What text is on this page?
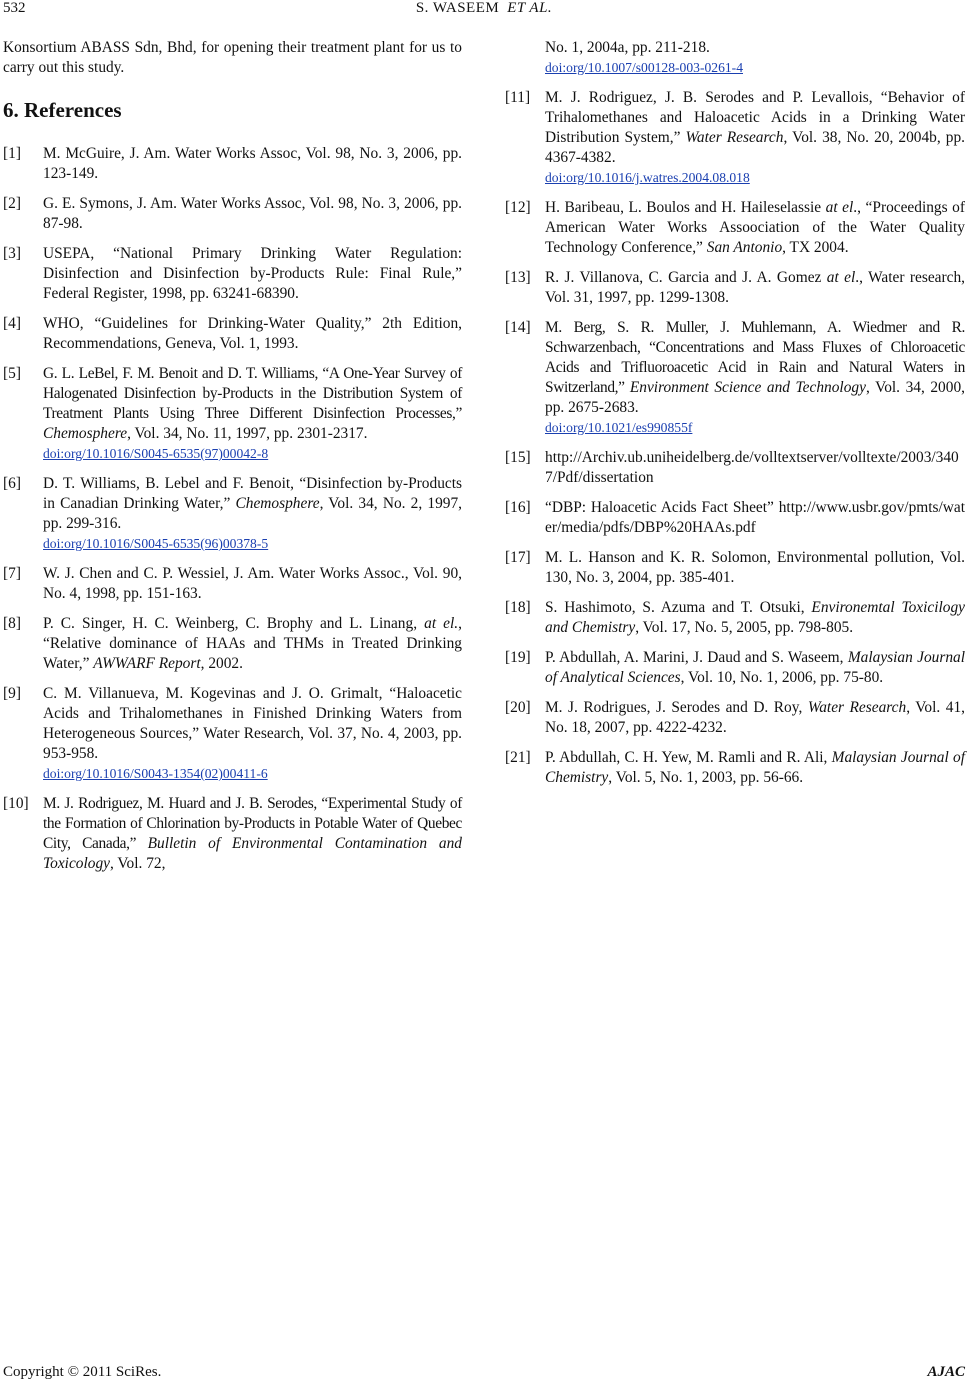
532	S. WASEEM ET AL.

Konsortium ABASS Sdn, Bhd, for opening their treatment plant for us to carry out this study.

6. References
[1]	M. McGuire, J. Am. Water Works Assoc, Vol. 98, No. 3, 2006, pp. 123-149.
[2]	G. E. Symons, J. Am. Water Works Assoc, Vol. 98, No. 3, 2006, pp. 87-98.
[3]	USEPA, “National Primary Drinking Water Regulation: Disinfection and Disinfection by-Products Rule: Final Rule,” Federal Register, 1998, pp. 63241-68390.
[4]	WHO, “Guidelines for Drinking-Water Quality,” 2th Edition, Recommendations, Geneva, Vol. 1, 1993.
[5]	G. L. LeBel, F. M. Benoit and D. T. Williams, “A One-Year Survey of Halogenated Disinfection by-Products in the Distribution System of Treatment Plants Using Three Different Disinfection Processes,” Chemosphere, Vol. 34, No. 11, 1997, pp. 2301-2317.
doi:org/10.1016/S0045-6535(97)00042-8
[6]	D. T. Williams, B. Lebel and F. Benoit, “Disinfection by-Products in Canadian Drinking Water,” Chemosphere, Vol. 34, No. 2, 1997, pp. 299-316.
doi:org/10.1016/S0045-6535(96)00378-5
[7]	W. J. Chen and C. P. Wessiel, J. Am. Water Works Assoc., Vol. 90, No. 4, 1998, pp. 151-163.
[8]	P. C. Singer, H. C. Weinberg, C. Brophy and L. Linang, at el., “Relative dominance of HAAs and THMs in Treated Drinking Water,” AWWARF Report, 2002.
[9]	C. M. Villanueva, M. Kogevinas and J. O. Grimalt, “Haloacetic Acids and Trihalomethanes in Finished Drinking Waters from Heterogeneous Sources,” Water Research, Vol. 37, No. 4, 2003, pp. 953-958.
doi:org/10.1016/S0043-1354(02)00411-6
[10] M. J. Rodriguez, M. Huard and J. B. Serodes, “Experimental Study of the Formation of Chlorination by-Products in Potable Water of Quebec City, Canada,” Bulletin of Environmental Contamination and Toxicology, Vol. 72,
No. 1, 2004a, pp. 211-218.
doi:org/10.1007/s00128-003-0261-4
[11] M. J. Rodriguez, J. B. Serodes and P. Levallois, “Behavior of Trihalomethanes and Haloacetic Acids in a Drinking Water Distribution System,” Water Research, Vol. 38, No. 20, 2004b, pp. 4367-4382.
doi:org/10.1016/j.watres.2004.08.018
[12] H. Baribeau, L. Boulos and H. Haileselassie at el., “Proceedings of American Water Works Assoociation of the Water Quality Technology Conference,” San Antonio, TX 2004.
[13] R. J. Villanova, C. Garcia and J. A. Gomez at el., Water research, Vol. 31, 1997, pp. 1299-1308.
[14] M. Berg, S. R. Muller, J. Muhlemann, A. Wiedmer and R. Schwarzenbach, “Concentrations and Mass Fluxes of Chloroacetic Acids and Trifluoroacetic Acid in Rain and Natural Waters in Switzerland,” Environment Science and Technology, Vol. 34, 2000, pp. 2675-2683.
doi:org/10.1021/es990855f
[15] http://Archiv.ub.uniheidelberg.de/volltextserver/volltexte/2003/3407/Pdf/dissertation
[16] “DBP: Haloacetic Acids Fact Sheet” http://www.usbr.gov/pmts/water/media/pdfs/DBP%20HAAs.pdf
[17] M. L. Hanson and K. R. Solomon, Environmental pollution, Vol. 130, No. 3, 2004, pp. 385-401.
[18] S. Hashimoto, S. Azuma and T. Otsuki, Environemtal Toxicilogy and Chemistry, Vol. 17, No. 5, 2005, pp. 798-805.
[19] P. Abdullah, A. Marini, J. Daud and S. Waseem, Malaysian Journal of Analytical Sciences, Vol. 10, No. 1, 2006, pp. 75-80.
[20] M. J. Rodrigues, J. Serodes and D. Roy, Water Research, Vol. 41, No. 18, 2007, pp. 4222-4232.
[21] P. Abdullah, C. H. Yew, M. Ramli and R. Ali, Malaysian Journal of Chemistry, Vol. 5, No. 1, 2003, pp. 56-66.
Copyright © 2011 SciRes.	AJAC
